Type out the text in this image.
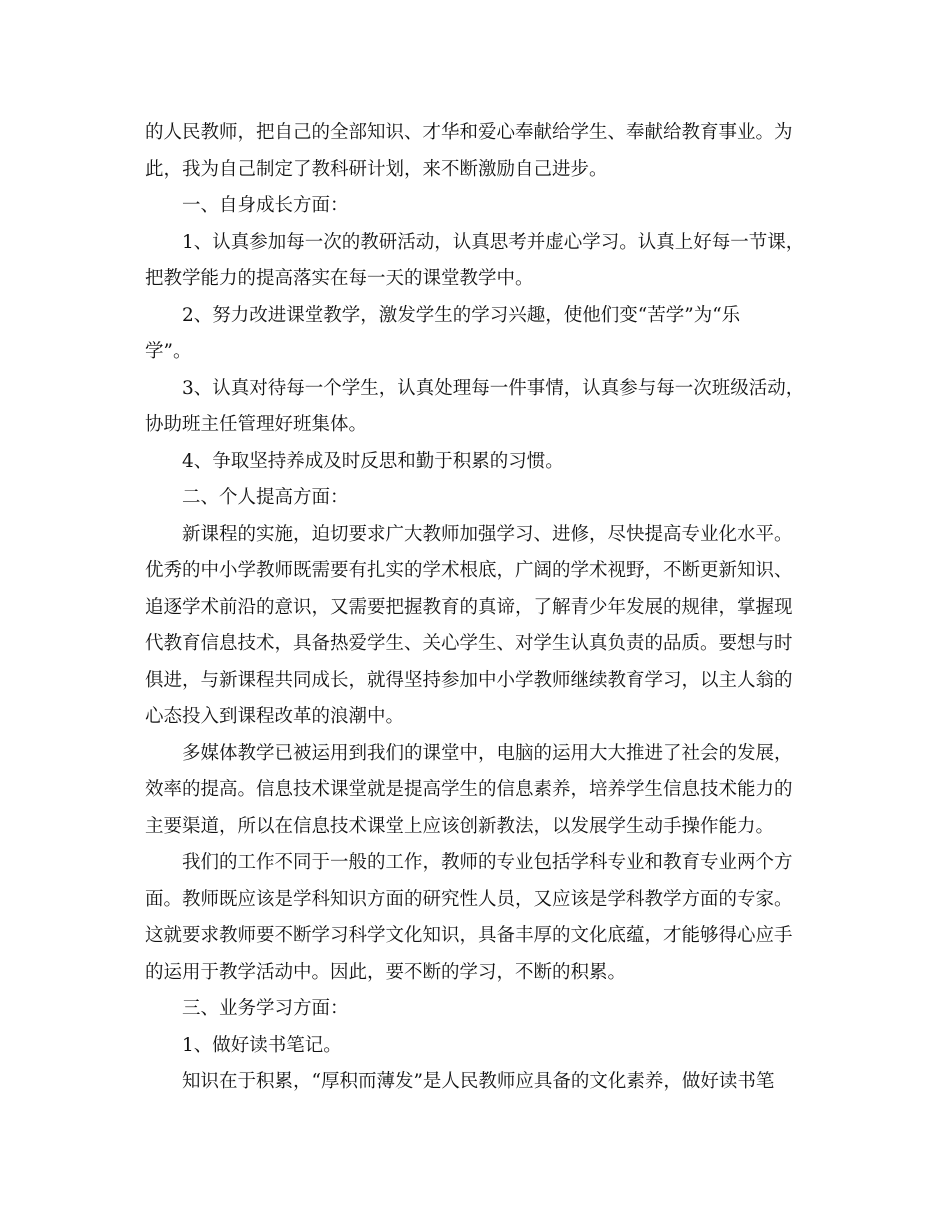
的人民教师，把自己的全部知识、才华和爱心奉献给学生、奉献给教育事业。为
此，我为自己制定了教科研计划，来不断激励自己进步。
一、自身成长方面：
1、认真参加每一次的教研活动，认真思考并虚心学习。认真上好每一节课，
把教学能力的提高落实在每一天的课堂教学中。
2、努力改进课堂教学，激发学生的学习兴趣，使他们变“苦学”为“乐
学”。
3、认真对待每一个学生，认真处理每一件事情，认真参与每一次班级活动，
协助班主任管理好班集体。
4、争取坚持养成及时反思和勤于积累的习惯。
二、个人提高方面：
新课程的实施，迫切要求广大教师加强学习、进修，尽快提高专业化水平。
优秀的中小学教师既需要有扎实的学术根底，广阔的学术视野，不断更新知识、
追逐学术前沿的意识，又需要把握教育的真谛，了解青少年发展的规律，掌握现
代教育信息技术，具备热爱学生、关心学生、对学生认真负责的品质。要想与时
俱进，与新课程共同成长，就得坚持参加中小学教师继续教育学习，以主人翁的
心态投入到课程改革的浪潮中。
多媒体教学已被运用到我们的课堂中，电脑的运用大大推进了社会的发展，
效率的提高。信息技术课堂就是提高学生的信息素养，培养学生信息技术能力的
主要渠道，所以在信息技术课堂上应该创新教法，以发展学生动手操作能力。
我们的工作不同于一般的工作，教师的专业包括学科专业和教育专业两个方
面。教师既应该是学科知识方面的研究性人员，又应该是学科教学方面的专家。
这就要求教师要不断学习科学文化知识，具备丰厚的文化底蕴，才能够得心应手
的运用于教学活动中。因此，要不断的学习，不断的积累。
三、业务学习方面：
1、做好读书笔记。
知识在于积累，“厚积而薄发”是人民教师应具备的文化素养，做好读书笔
